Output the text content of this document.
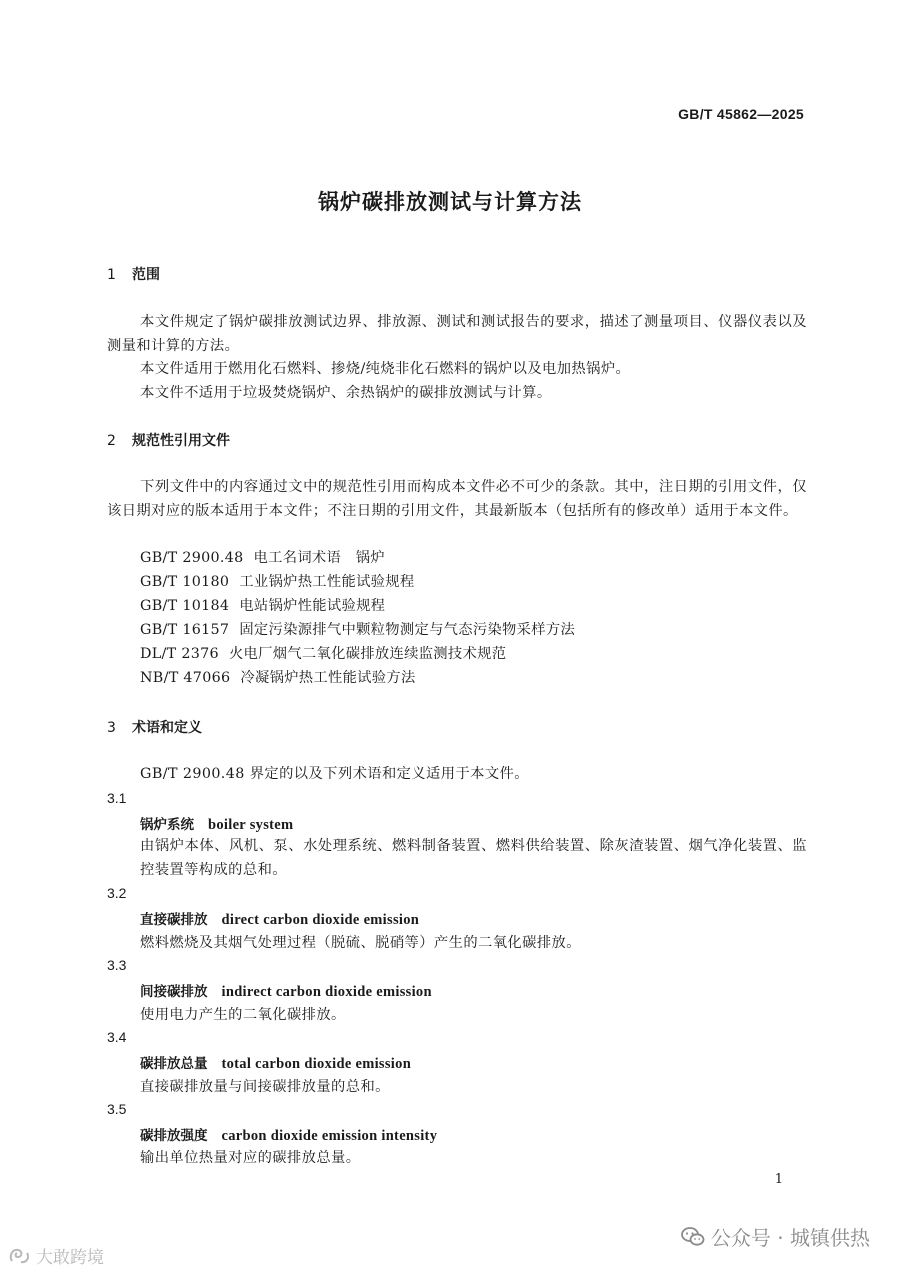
GB/T 45862—2025
锅炉碳排放测试与计算方法
1 范围
本文件规定了锅炉碳排放测试边界、排放源、测试和测试报告的要求，描述了测量项目、仪器仪表以及测量和计算的方法。
本文件适用于燃用化石燃料、掺烧/纯烧非化石燃料的锅炉以及电加热锅炉。
本文件不适用于垃圾焚烧锅炉、余热锅炉的碳排放测试与计算。
2 规范性引用文件
下列文件中的内容通过文中的规范性引用而构成本文件必不可少的条款。其中，注日期的引用文件，仅该日期对应的版本适用于本文件；不注日期的引用文件，其最新版本（包括所有的修改单）适用于本文件。
GB/T 2900.48 电工名词术语　锅炉
GB/T 10180 工业锅炉热工性能试验规程
GB/T 10184 电站锅炉性能试验规程
GB/T 16157 固定污染源排气中颗粒物测定与气态污染物采样方法
DL/T 2376 火电厂烟气二氧化碳排放连续监测技术规范
NB/T 47066 冷凝锅炉热工性能试验方法
3 术语和定义
GB/T 2900.48 界定的以及下列术语和定义适用于本文件。
3.1
锅炉系统 boiler system
由锅炉本体、风机、泵、水处理系统、燃料制备装置、燃料供给装置、除灰渣装置、烟气净化装置、监控装置等构成的总和。
3.2
直接碳排放 direct carbon dioxide emission
燃料燃烧及其烟气处理过程（脱硫、脱硝等）产生的二氧化碳排放。
3.3
间接碳排放 indirect carbon dioxide emission
使用电力产生的二氧化碳排放。
3.4
碳排放总量 total carbon dioxide emission
直接碳排放量与间接碳排放量的总和。
3.5
碳排放强度 carbon dioxide emission intensity
输出单位热量对应的碳排放总量。
1
公众号 · 城镇供热
大敢跨境
